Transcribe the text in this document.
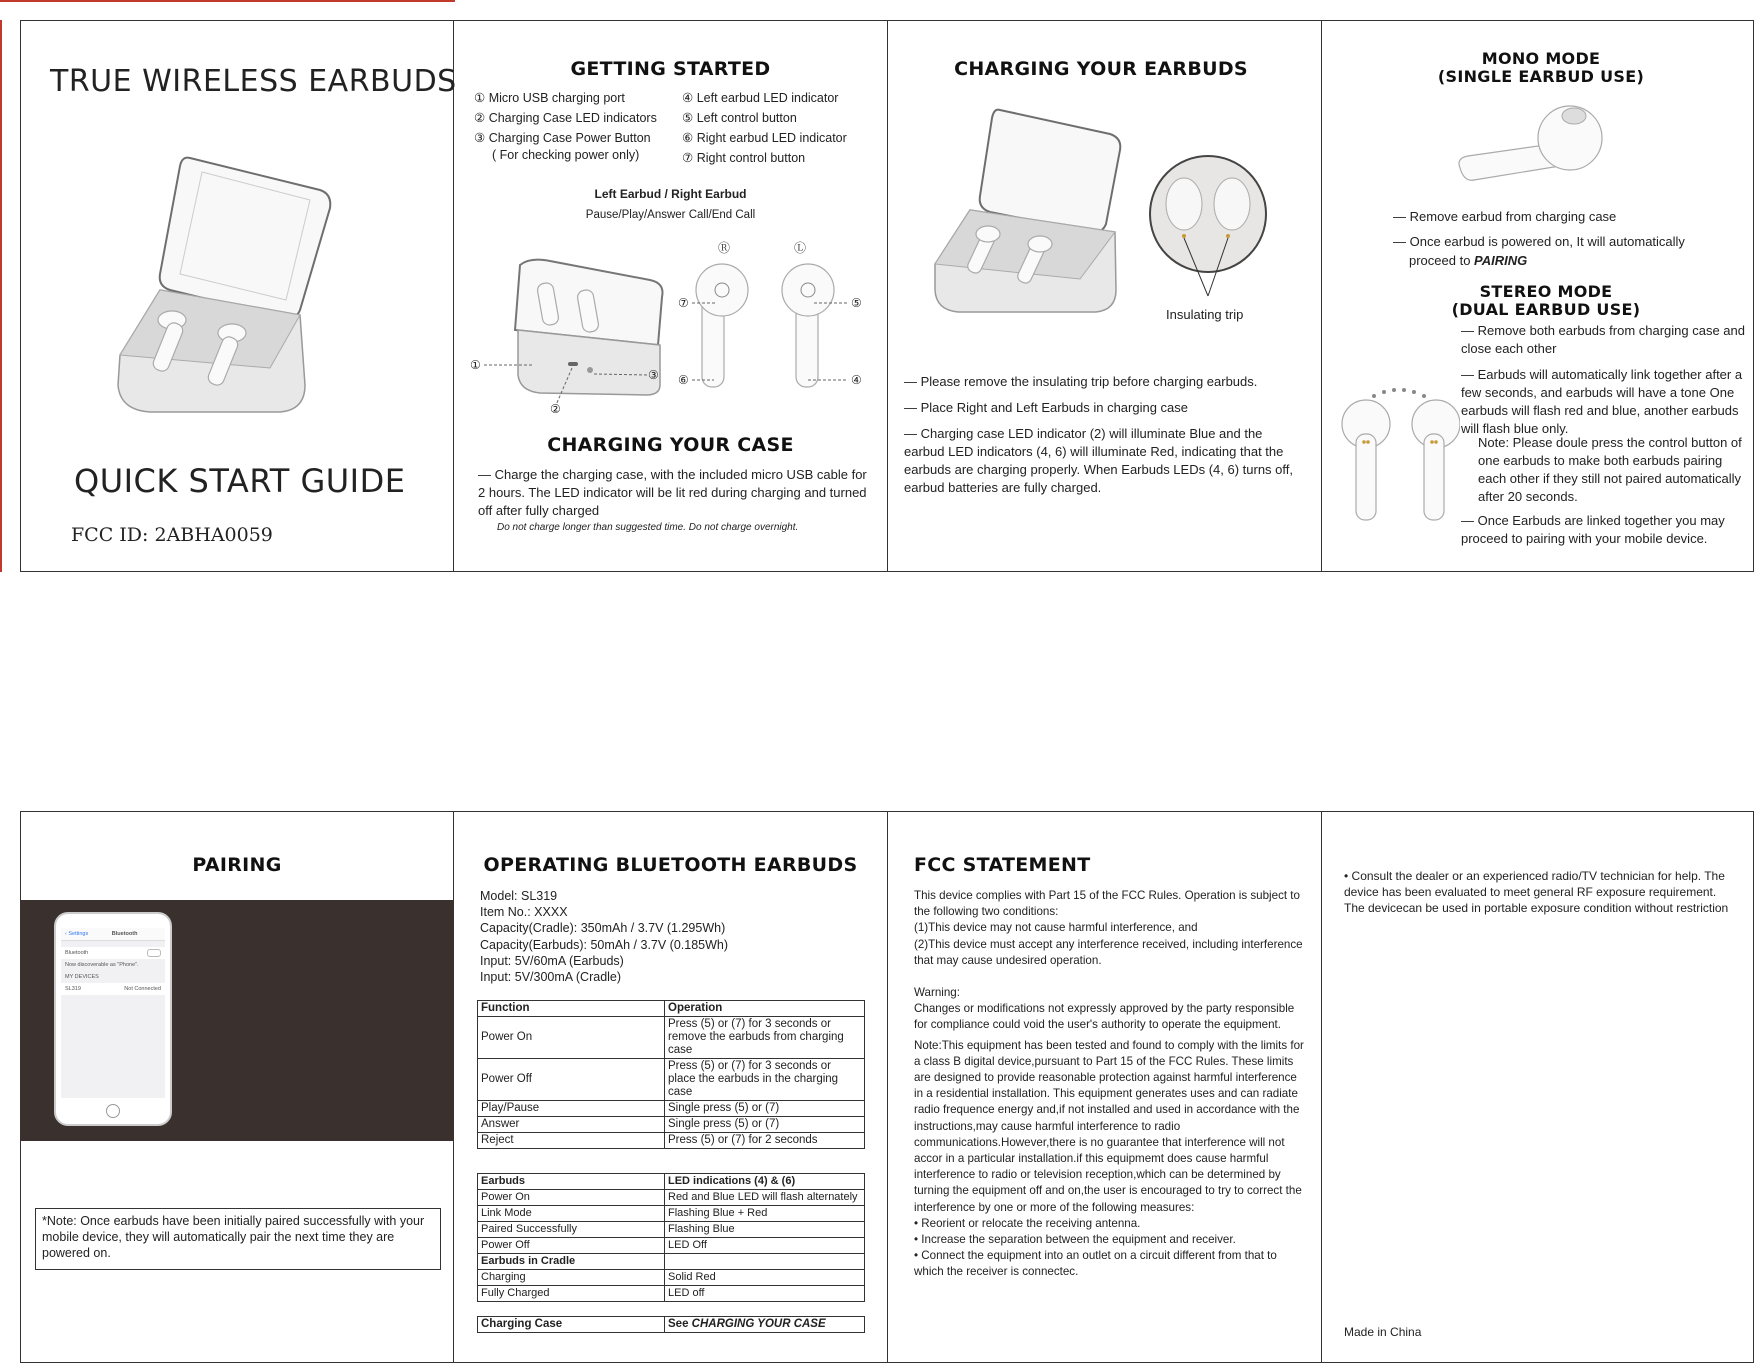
TRUE WIRELESS EARBUDS
QUICK START GUIDE
FCC ID: 2ABHA0059
GETTING STARTED
① Micro USB charging port
② Charging Case LED indicators
③ Charging Case Power Button
( For checking power only)
④ Left earbud LED indicator
⑤ Left control button
⑥ Right earbud LED indicator
⑦ Right control button
Left Earbud / Right Earbud
Pause/Play/Answer Call/End Call
①
②
③	④
⑤
⑥
⑦
Ⓡ	Ⓛ
CHARGING YOUR CASE
— Charge the charging case, with the included micro USB cable for 2 hours. The LED indicator will be lit red during charging and turned off after fully charged
Do not charge longer than suggested time. Do not charge overnight.
CHARGING YOUR EARBUDS
Insulating trip
— Please remove the insulating trip before charging earbuds.
— Place Right and Left Earbuds in charging case
— Charging case LED indicator (2) will illuminate Blue and the earbud LED indicators (4, 6) will illuminate Red, indicating that the earbuds are charging properly. When Earbuds LEDs (4, 6) turns off, earbud batteries are fully charged.
MONO MODE
(SINGLE EARBUD USE)
— Remove earbud from charging case
— Once earbud is powered on, It will automatically
proceed to PAIRING
STEREO MODE
(DUAL EARBUD USE)
— Remove both earbuds from charging case and close each other
— Earbuds will automatically link together after a few seconds, and earbuds will have a tone One earbuds will flash red and blue, another earbuds will flash blue only.
Note: Please doule press the control button of one earbuds to make both earbuds pairing each other if they still not paired automatically after 20 seconds.
— Once Earbuds are linked together you may proceed to pairing with your mobile device.
PAIRING
‹ Settings	Bluetooth
Bluetooth
Now discoverable as "Phone".
MY DEVICES
SL319	Not Connected
*Note: Once earbuds have been initially paired successfully with your mobile device, they will automatically pair the next time they are powered on.
OPERATING BLUETOOTH EARBUDS
Model: SL319
Item No.: XXXX
Capacity(Cradle): 350mAh / 3.7V (1.295Wh)
Capacity(Earbuds): 50mAh / 3.7V (0.185Wh)
Input: 5V/60mA (Earbuds)
Input: 5V/300mA (Cradle)
Function	Operation
Power On	Press (5) or (7) for 3 seconds or remove the earbuds from charging case
Power Off	Press (5) or (7) for 3 seconds or place the earbuds in the charging case
Play/Pause	Single press (5) or (7)
Answer	Single press (5) or (7)
Reject	Press (5) or (7) for 2 seconds
Earbuds	LED indications (4) & (6)
Power On	Red and Blue LED will flash alternately
Link Mode	Flashing Blue + Red
Paired Successfully	Flashing Blue
Power Off	LED Off
Earbuds in Cradle	
Charging	Solid Red
Fully Charged	LED off
Charging Case	See CHARGING YOUR CASE
FCC STATEMENT
This device complies with Part 15 of the FCC Rules. Operation is subject to the following two conditions:
(1)This device may not cause harmful interference, and
(2)This device must accept any interference received, including interference that may cause undesired operation.
Warning:
Changes or modifications not expressly approved by the party responsible for compliance could void the user's authority to operate the equipment.
Note:This equipment has been tested and found to comply with the limits for a class B digital device,pursuant to Part 15 of the FCC Rules. These limits are designed to provide reasonable protection against harmful interference in a residential installation. This equipment generates uses and can radiate radio frequence energy and,if not installed and used in accordance with the instructions,may cause harmful interference to radio communications.However,there is no guarantee that interference will not accor in a particular installation.if this equipmemt does cause harmful interference to radio or television reception,which can be determined by turning the equipment off and on,the user is encouraged to try to correct the interference by one or more of the following measures:
• Reorient or relocate the receiving antenna.
• Increase the separation between the equipment and receiver.
• Connect the equipment into an outlet on a circuit different from that to which the receiver is connectec.
• Consult the dealer or an experienced radio/TV technician for help. The device has been evaluated to meet general RF exposure requirement. The devicecan be used in portable exposure condition without restriction
Made in China
